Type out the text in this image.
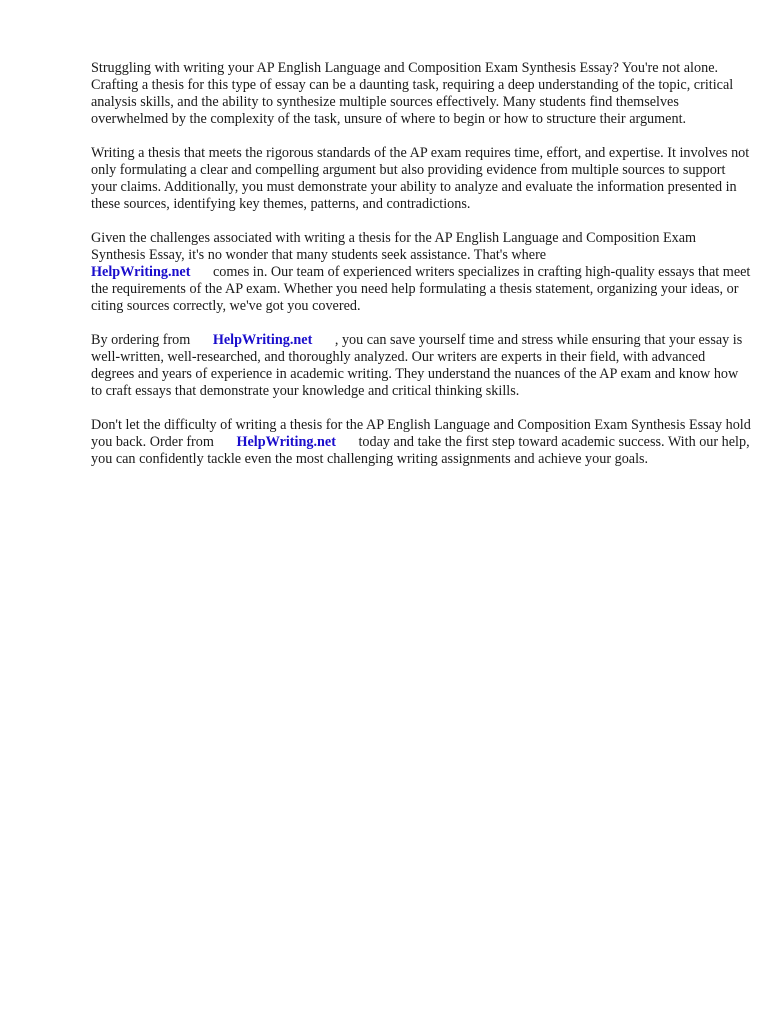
Struggling with writing your AP English Language and Composition Exam Synthesis Essay? You're not alone. Crafting a thesis for this type of essay can be a daunting task, requiring a deep understanding of the topic, critical analysis skills, and the ability to synthesize multiple sources effectively. Many students find themselves overwhelmed by the complexity of the task, unsure of where to begin or how to structure their argument.

Writing a thesis that meets the rigorous standards of the AP exam requires time, effort, and expertise. It involves not only formulating a clear and compelling argument but also providing evidence from multiple sources to support your claims. Additionally, you must demonstrate your ability to analyze and evaluate the information presented in these sources, identifying key themes, patterns, and contradictions.

Given the challenges associated with writing a thesis for the AP English Language and Composition Exam Synthesis Essay, it's no wonder that many students seek assistance. That's where
HelpWriting.net comes in. Our team of experienced writers specializes in crafting high-quality essays that meet the requirements of the AP exam. Whether you need help formulating a thesis statement, organizing your ideas, or citing sources correctly, we've got you covered.

By ordering from HelpWriting.net , you can save yourself time and stress while ensuring that your essay is well-written, well-researched, and thoroughly analyzed. Our writers are experts in their field, with advanced degrees and years of experience in academic writing. They understand the nuances of the AP exam and know how to craft essays that demonstrate your knowledge and critical thinking skills.

Don't let the difficulty of writing a thesis for the AP English Language and Composition Exam Synthesis Essay hold you back. Order from HelpWriting.net today and take the first step toward academic success. With our help, you can confidently tackle even the most challenging writing assignments and achieve your goals.
